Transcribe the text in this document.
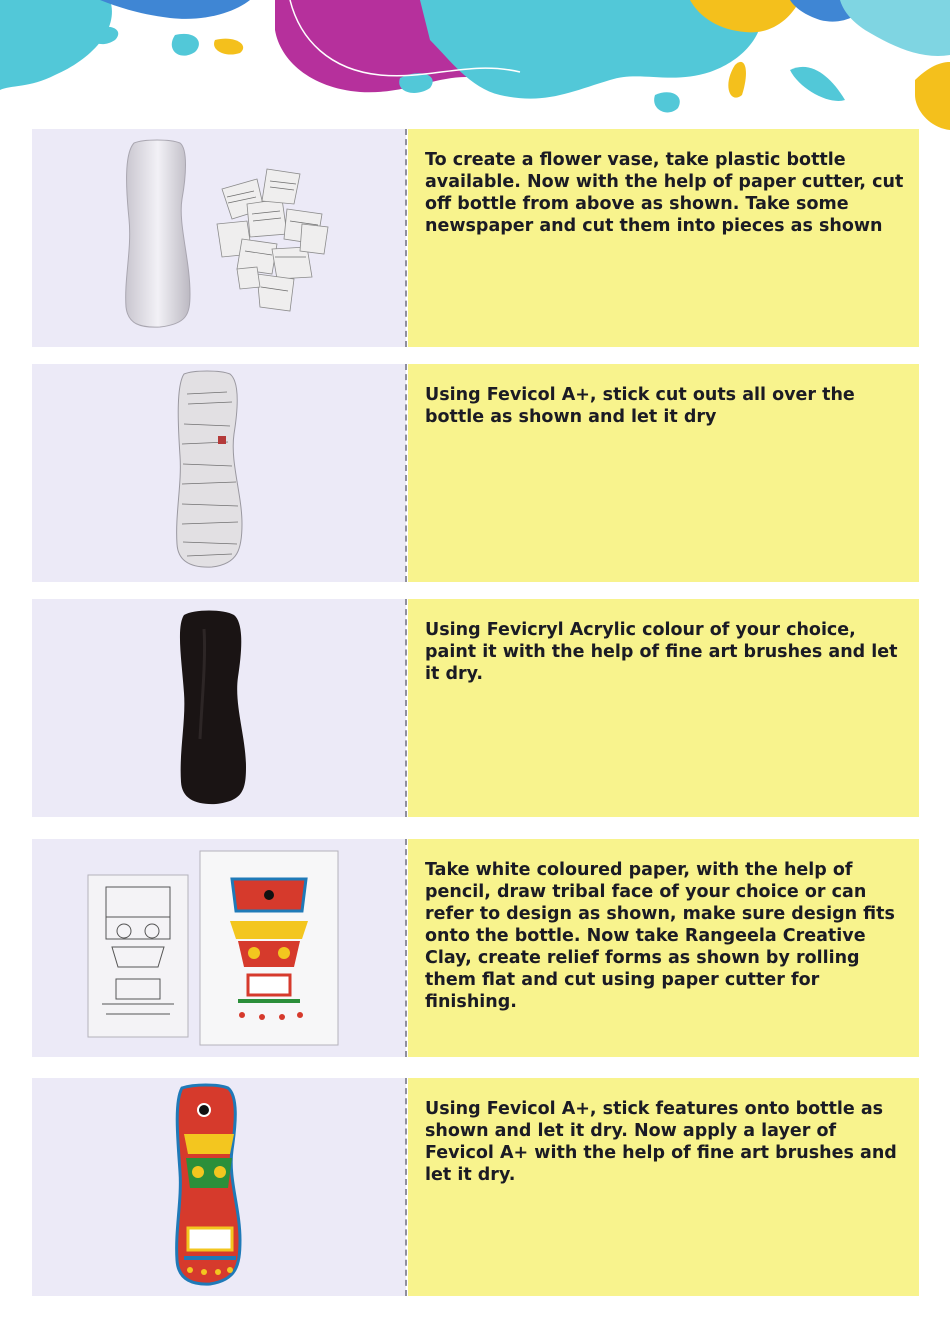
To create a flower vase, take plastic bottle available. Now with the help of paper cutter, cut off bottle from above as shown. Take some newspaper and cut them into pieces as shown

Using Fevicol A+, stick cut outs all over the bottle as shown and let it dry

Using Fevicryl Acrylic colour of your choice, paint it with the help of fine art brushes and let it dry.

Take white coloured paper, with the help of pencil, draw tribal face of your choice or can refer to design as shown, make sure design fits onto the bottle. Now take Rangeela Creative Clay, create relief forms as shown by rolling them flat and cut using paper cutter for finishing.

Using Fevicol A+, stick features onto bottle as shown and let it dry. Now apply a layer of Fevicol A+ with the help of fine art brushes and let it dry.
